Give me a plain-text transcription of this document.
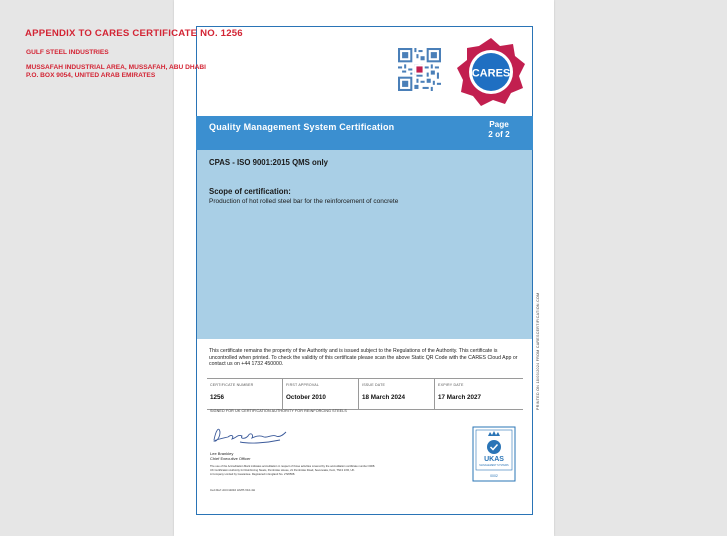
APPENDIX TO CARES CERTIFICATE NO. 1256
GULF STEEL INDUSTRIES
MUSSAFAH INDUSTRIAL AREA, MUSSAFAH, ABU DHABI
P.O. BOX 9054, UNITED ARAB EMIRATES	CARES
Quality Management System Certification	Page
2 of 2
CPAS - ISO 9001:2015 QMS only
Scope of certification:
Production of hot rolled steel bar for the reinforcement of concrete
This certificate remains the property of the Authority and is issued subject to the Regulations of the Authority. This certificate is uncontrolled when printed. To check the validity of this certificate please scan the above Static QR Code with the CARES Cloud App or contact us on +44 1732 450000.
CERTIFICATE NUMBER
1256
FIRST APPROVAL
October 2010
ISSUE DATE
18 March 2024
EXPIRY DATE
17 March 2027
SIGNED FOR UK CERTIFICATION AUTHORITY FOR REINFORCING STEELS
Lee Brankley
Chief Executive Officer
The use of the Accreditation Mark indicates accreditation in respect of those activities covered by the accreditation certificate number 0008.
UK Certification Authority for Reinforcing Steels, Pembroke House, 21 Pembroke Road, Sevenoaks, Kent, TN13 1XR, UK.
A Company Limited by Guarantee. Registered in England No. 2726568.
Cert Ref: ACC11010 LIMIT-V10-4H
UKAS
MANAGEMENT SYSTEMS
0002
PRINTED ON 18/03/2024 FROM CARESCERTIFICATION.COM
